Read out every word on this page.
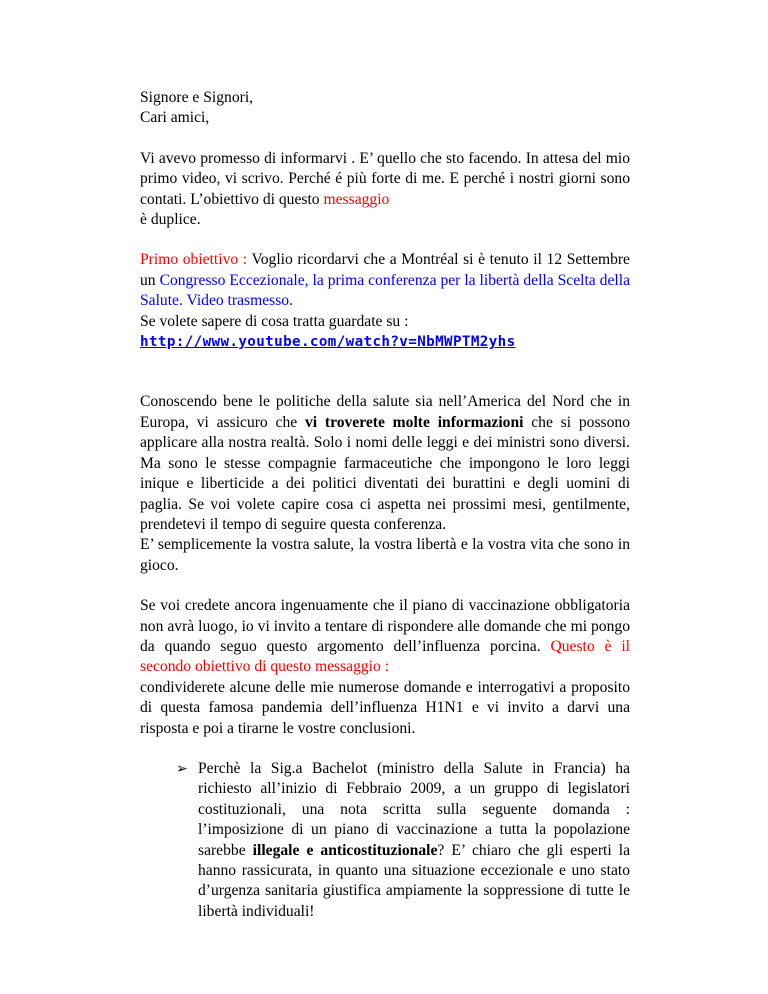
Signore e Signori,

Cari amici,

Vi avevo promesso di informarvi . E’ quello che sto facendo. In attesa del mio primo video, vi scrivo. Perché é più forte di me. E perché i nostri giorni sono contati. L’obiettivo di questo messaggio
è duplice.

Primo obiettivo : Voglio ricordarvi che a Montréal si è tenuto il 12 Settembre un Congresso Eccezionale, la prima conferenza per la libertà della Scelta della Salute. Video trasmesso.

Se volete sapere di cosa tratta guardate su :

http://www.youtube.com/watch?v=NbMWPTM2yhs

Conoscendo bene le politiche della salute sia nell’America del Nord che in Europa, vi assicuro che vi troverete molte informazioni che si possono applicare alla nostra realtà. Solo i nomi delle leggi e dei ministri sono diversi. Ma sono le stesse compagnie farmaceutiche che impongono le loro leggi inique e liberticide a dei politici diventati dei burattini e degli uomini di paglia. Se voi volete capire cosa ci aspetta nei prossimi mesi, gentilmente, prendetevi il tempo di seguire questa conferenza.

E’ semplicemente la vostra salute, la vostra libertà e la vostra vita che sono in gioco.

Se voi credete ancora ingenuamente che il piano di vaccinazione obbligatoria non avrà luogo, io vi invito a tentare di rispondere alle domande che mi pongo da quando seguo questo argomento dell’influenza porcina. Questo è il secondo obiettivo di questo messaggio :

condividerete alcune delle mie numerose domande e interrogativi a proposito di questa famosa pandemia dell’influenza H1N1 e vi invito a darvi una risposta e poi a tirarne le vostre conclusioni.

➢ Perchè la Sig.a Bachelot (ministro della Salute in Francia) ha richiesto all’inizio di Febbraio 2009, a un gruppo di legislatori costituzionali, una nota scritta sulla seguente domanda : l’imposizione di un piano di vaccinazione a tutta la popolazione sarebbe illegale e anticostituzionale? E’ chiaro che gli esperti la hanno rassicurata, in quanto una situazione eccezionale e uno stato d’urgenza sanitaria giustifica ampiamente la soppressione di tutte le libertà individuali!
